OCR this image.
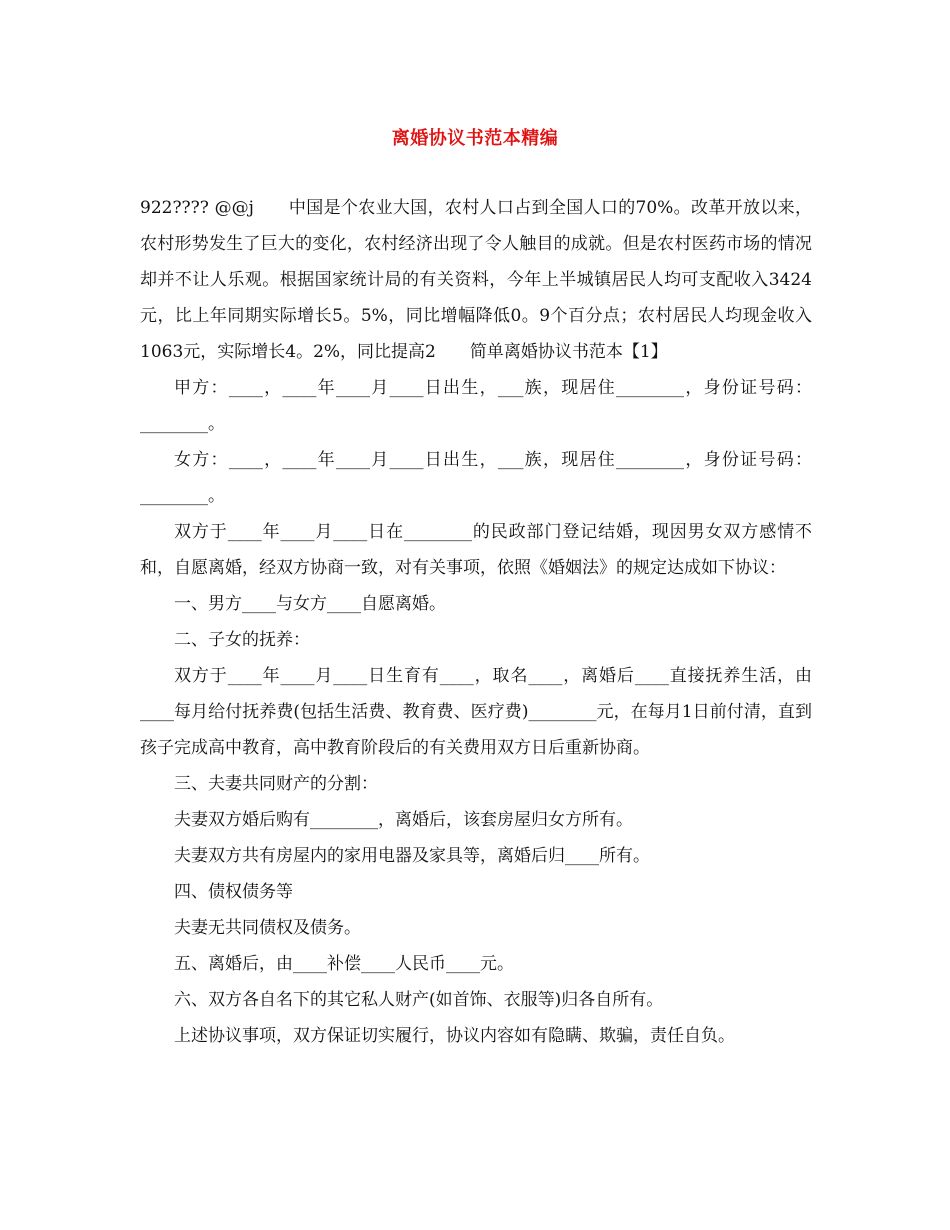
离婚协议书范本精编

922???? @@j　　中国是个农业大国，农村人口占到全国人口的70%。改革开放以来，农村形势发生了巨大的变化，农村经济出现了令人触目的成就。但是农村医药市场的情况却并不让人乐观。根据国家统计局的有关资料，今年上半城镇居民人均可支配收入3424元，比上年同期实际增长5。5%，同比增幅降低0。9个百分点；农村居民人均现金收入1063元，实际增长4。2%，同比提高2　　简单离婚协议书范本【1】

甲方：____，____年____月____日出生，___族，现居住________，身份证号码：________。

女方：____，____年____月____日出生，___族，现居住________，身份证号码：________。

双方于____年____月____日在________的民政部门登记结婚，现因男女双方感情不和，自愿离婚，经双方协商一致，对有关事项，依照《婚姻法》的规定达成如下协议：

一、男方____与女方____自愿离婚。

二、子女的抚养：

双方于____年____月____日生育有____，取名____，离婚后____直接抚养生活，由____每月给付抚养费(包括生活费、教育费、医疗费)________元，在每月1日前付清，直到孩子完成高中教育，高中教育阶段后的有关费用双方日后重新协商。

三、夫妻共同财产的分割：

夫妻双方婚后购有________，离婚后，该套房屋归女方所有。

夫妻双方共有房屋内的家用电器及家具等，离婚后归____所有。

四、债权债务等

夫妻无共同债权及债务。

五、离婚后，由____补偿____人民币____元。

六、双方各自名下的其它私人财产(如首饰、衣服等)归各自所有。

上述协议事项，双方保证切实履行，协议内容如有隐瞒、欺骗，责任自负。
